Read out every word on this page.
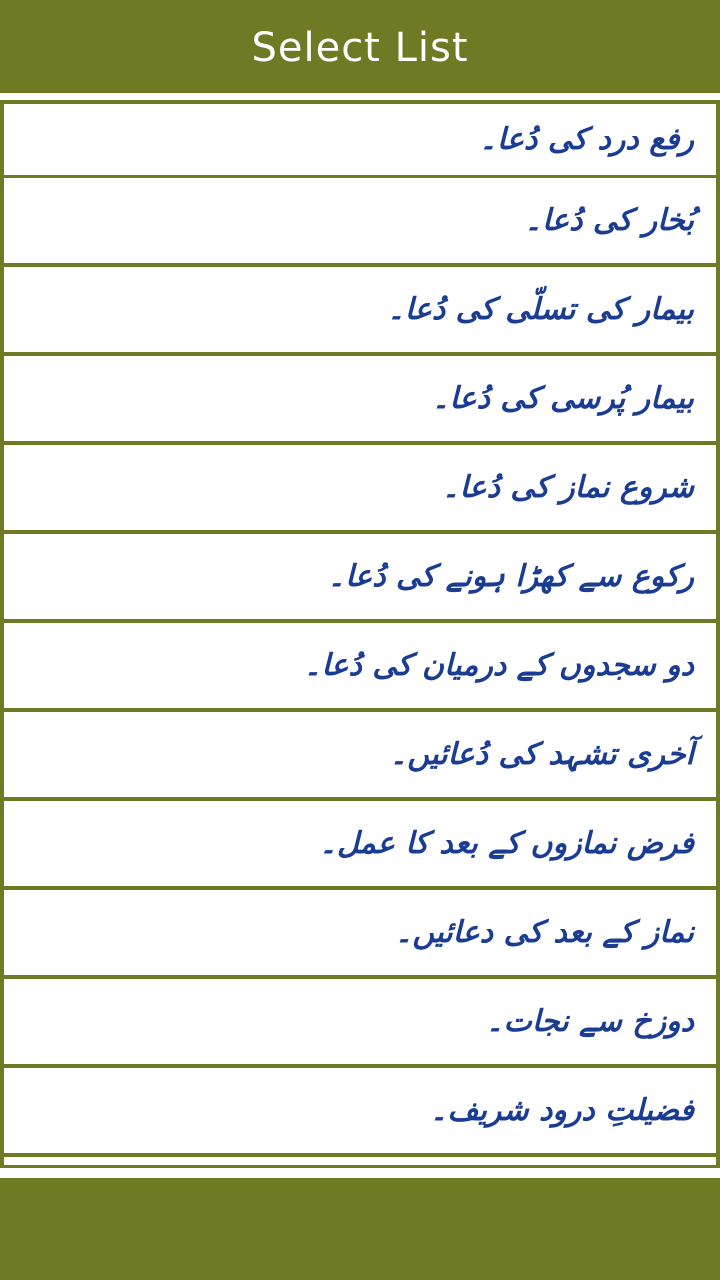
Select List
رفع درد کی دُعا۔
بُخار کی دُعا۔
بیمار کی تسلّی کی دُعا۔
بیمار پُرسی کی دُعا۔
شروع نماز کی دُعا۔
رکوع سے کھڑا ہونے کی دُعا۔
دو سجدوں کے درمیان کی دُعا۔
آخری تشہد کی دُعائیں۔
فرض نمازوں کے بعد کا عمل۔
نماز کے بعد کی دعائیں۔
دوزخ سے نجات۔
فضیلتِ درود شریف۔
